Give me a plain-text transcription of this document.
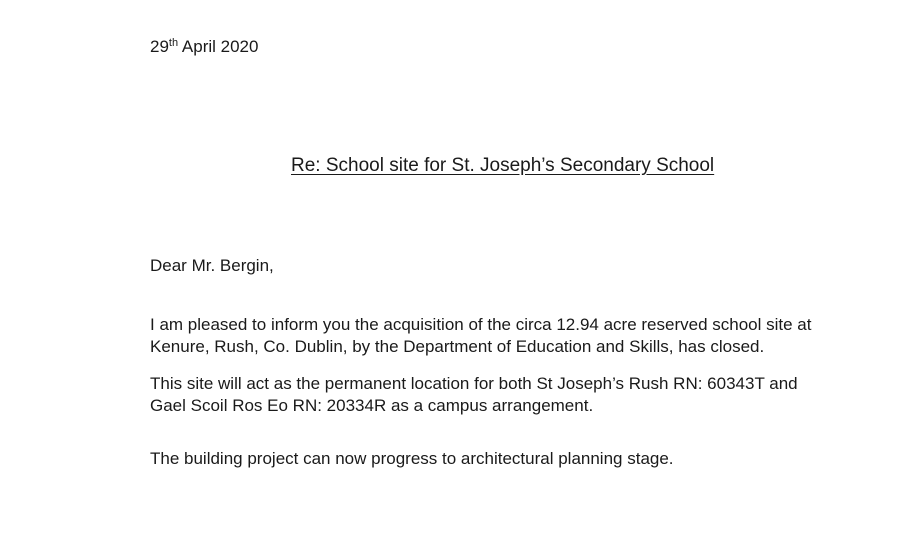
29th April 2020
Re: School site for St. Joseph’s Secondary School
Dear Mr. Bergin,
I am pleased to inform you the acquisition of the circa 12.94 acre reserved school site at
Kenure, Rush, Co. Dublin, by the Department of Education and Skills, has closed.
This site will act as the permanent location for both St Joseph’s Rush RN: 60343T and
Gael Scoil Ros Eo RN: 20334R as a campus arrangement.
The building project can now progress to architectural planning stage.
